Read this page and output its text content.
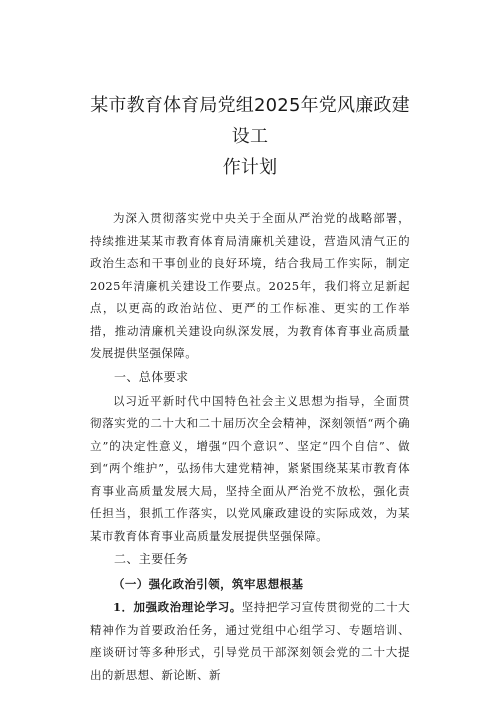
某市教育体育局党组2025年党风廉政建设工
作计划

为深入贯彻落实党中央关于全面从严治党的战略部署，持续推进某某市教育体育局清廉机关建设，营造风清气正的政治生态和干事创业的良好环境，结合我局工作实际，制定2025年清廉机关建设工作要点。2025年，我们将立足新起点，以更高的政治站位、更严的工作标准、更实的工作举措，推动清廉机关建设向纵深发展，为教育体育事业高质量发展提供坚强保障。

一、总体要求

以习近平新时代中国特色社会主义思想为指导，全面贯彻落实党的二十大和二十届历次全会精神，深刻领悟“两个确立”的决定性意义，增强“四个意识”、坚定“四个自信”、做到“两个维护”，弘扬伟大建党精神，紧紧围绕某某市教育体育事业高质量发展大局，坚持全面从严治党不放松，强化责任担当，狠抓工作落实，以党风廉政建设的实际成效，为某某市教育体育事业高质量发展提供坚强保障。

二、主要任务

（一）强化政治引领，筑牢思想根基

1．加强政治理论学习。坚持把学习宣传贯彻党的二十大精神作为首要政治任务，通过党组中心组学习、专题培训、座谈研讨等多种形式，引导党员干部深刻领会党的二十大提出的新思想、新论断、新
